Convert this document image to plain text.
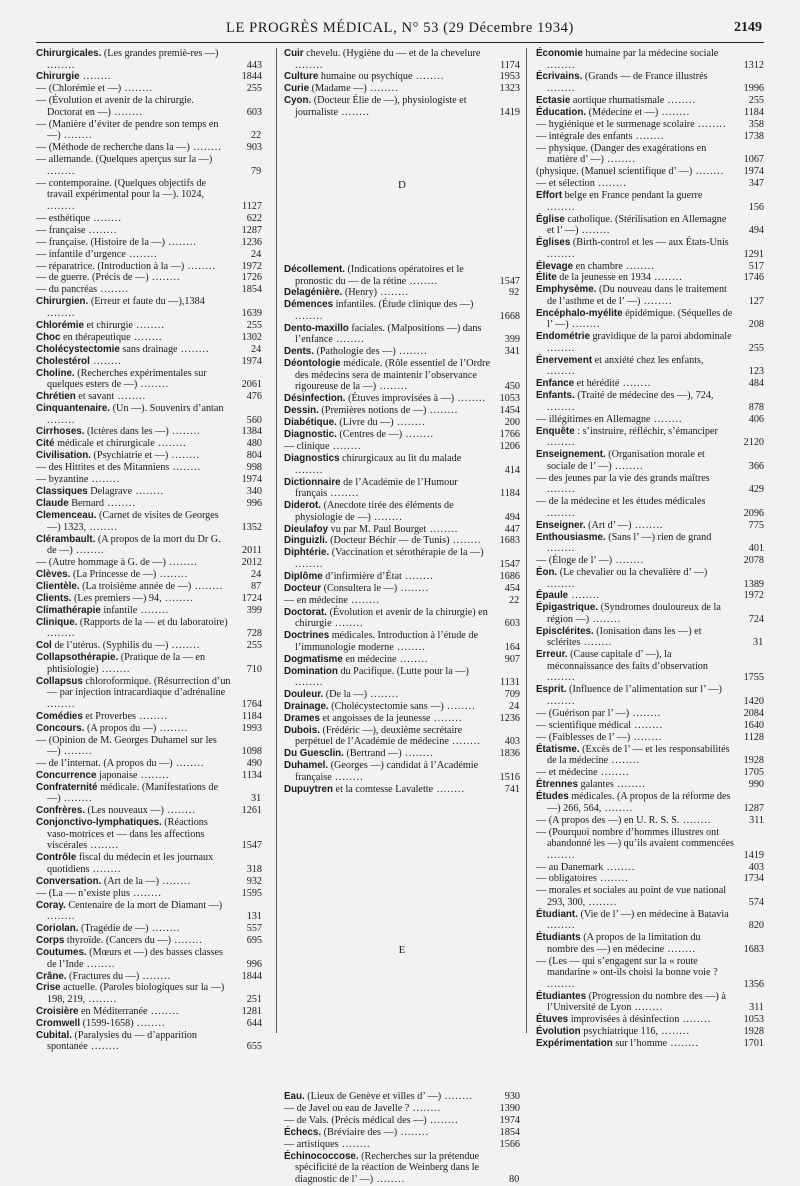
LE PROGRÈS MÉDICAL, N° 53 (29 Décembre 1934)	2149
Chirurgicales. (Les grandes premiè-res —) ........	443
Chirurgie ........	1844
— (Chlorémie et —) ........	255
— (Évolution et avenir de la chirurgie. Doctorat en —) ........	603
— (Manière d’éviter de pendre son temps en —) ........	22
— (Méthode de recherche dans la —) ........ 903
— allemande. (Quelques aperçus sur la —) ........	79
— contemporaine. (Quelques objectifs de travail expérimental pour la —). 1024, ........	1127
— esthétique ........	622
— française ........	1287
— française. (Histoire de la —) ........	1236
— infantile d’urgence ........	24
— réparatrice. (Introduction à la —) ........ 1972
— de guerre. (Précis de —) ........	1726
— du pancréas ........	1854
Chirurgien. (Erreur et faute du —),1384 ........	1639
Chlorémie et chirurgie ........	255
Choc en thérapeutique ........	1302
Cholécystectomie sans drainage ........	24
Cholestérol ........	1974
Choline. (Recherches expérimentales sur quelques esters de —) ........	2061
Chrétien et savant ........	476
Cinquantenaire. (Un —). Souvenirs d’antan ........	560
Cirrhoses. (Ictères dans les —) ........	1384
Cité médicale et chirurgicale ........	480
Civilisation. (Psychiatrie et —) ........	804
— des Hittites et des Mitanniens ........	998
— byzantine ........	1974
Classiques Delagrave ........	340
Claude Bernard ........	996
Clemenceau. (Carnet de visites de Georges —) 1323, ........	1352
Clérambault. (A propos de la mort du Dr G. de —) ........	2011
— (Autre hommage à G. de —) ........	2012
Clèves. (La Princesse de —) ........	24
Clientèle. (La troisième année de —) ........	87
Clients. (Les premiers —) 94, ........	1724
Climathérapie infantile ........	399
Clinique. (Rapports de la — et du laboratoire) ........	728
Col de l’utérus. (Syphilis du —) ........	255
Collapsothérapie. (Pratique de la — en phtisiologie) ........	710
Collapsus chloroformique. (Résurrection d’un — par injection intracardiaque d’adrénaline ........	1764
Comédies et Proverbes ........	1184
Concours. (A propos du —) ........	1993
— (Opinion de M. Georges Duhamel sur les —) ........	1098
— de l’internat. (A propos du —) ........	490
Concurrence japonaise ........	1134
Confraternité médicale. (Manifestations de —) ........	31
Confrères. (Les nouveaux —) ........	1261
Conjonctivo-lymphatiques. (Réactions vaso-motrices et — dans les affections viscérales ........	1547
Contrôle fiscal du médecin et les journaux quotidiens ........	318
Conversation. (Art de la —) ........	932
— (La — n’existe plus ........	1595
Coray. Centenaire de la mort de Diamant —) ........	131
Coriolan. (Tragédie de —) ........	557
Corps thyroïde. (Cancers du —) ........	695
Coutumes. (Mœurs et —) des basses classes de l’Inde ........	996
Crâne. (Fractures du —) ........	1844
Crise actuelle. (Paroles biologiques sur la —) 198, 219, ........	251
Croisière en Méditerranée ........	1281
Cromwell (1599-1658) ........	644
Cubital. (Paralysies du — d’apparition spontanée ........	655
Cuir chevelu. (Hygiène du — et de la chevelure ........	1174
Culture humaine ou psychique ........	1953
Curie (Madame —) ........	1323
Cyon. (Docteur Élie de —), physiologiste et journaliste ........	1419
D
Décollement. (Indications opératoires et le pronostic du — de la rétine ........	1547
Delagénière. (Henry) ........	92
Démences infantiles. (Étude clinique des —) ........	1668
Dento-maxillo faciales. (Malpositions —) dans l’enfance ........	399
Dents. (Pathologie des —) ........	341
Déontologie médicale. (Rôle essentiel de l’Ordre des médecins sera de maintenir l’observance rigoureuse de la —) ........	450
Désinfection. (Étuves improvisées à —) ........ 1053
Dessin. (Premières notions de —) ........	1454
Diabétique. (Livre du —) ........	200
Diagnostic. (Centres de —) ........	1766
— clinique ........	1206
Diagnostics chirurgicaux au lit du malade ........	414
Dictionnaire de l’Académie de l’Humour français ........	1184
Diderot. (Anecdote tirée des éléments de physiologie de —) ........	494
Dieulafoy vu par M. Paul Bourget ........	447
Dinguizli. (Docteur Béchir — de Tunis) ........ 1683
Diphtérie. (Vaccination et sérothérapie de la —) ........	1547
Diplôme d’infirmière d’État ........	1686
Docteur (Consultera le —) ........	454
— en médecine ........	22
Doctorat. (Évolution et avenir de la chirurgie) en chirurgie ........	603
Doctrines médicales. Introduction à l’étude de l’immunologie moderne ........	164
Dogmatisme en médecine ........	907
Domination du Pacifique. (Lutte pour la —) ........	1131
Douleur. (De la —) ........	709
Drainage. (Cholécystectomie sans —) ........	24
Drames et angoisses de la jeunesse ........	1236
Dubois. (Frédéric —), deuxième secrétaire perpétuel de l’Académie de médecine ........ 403
Du Guesclin. (Bertrand —) ........	1836
Duhamel. (Georges —) candidat à l’Académie française ........	1516
Dupuytren et la comtesse Lavalette ........	741
E
Eau. (Lieux de Genève et villes d’ —) ........	930
— de Javel ou eau de Javelle ? ........	1390
— de Vals. (Précis médical des —) ........	1974
Échecs. (Bréviaire des —) ........	1854
— artistiques ........	1566
Échinococcose. (Recherches sur la prétendue spécificité de la réaction de Weinberg dans le diagnostic de l’ —) ........	80
Économie humaine par la médecine sociale ........	1312
Écrivains. (Grands — de France illustrés ........	1996
Ectasie aortique rhumatismale ........	255
Éducation. (Médecine et —) ........	1184
— hygiénique et le surmenage scolaire ........ 358
— intégrale des enfants ........	1738
— physique. (Danger des exagérations en matière d’ —) ........	1067
(physique. (Manuel scientifique d’ —) ........ 1974
— et sélection ........	347
Effort belge en France pendant la guerre ........	156
Église catholique. (Stérilisation en Allemagne et l’ —) ........	494
Églises (Birth-control et les — aux États-Unis ........	1291
Élevage en chambre ........	517
Élite de la jeunesse en 1934 ........	1746
Emphysème. (Du nouveau dans le traitement de l’asthme et de l’ —) ........	127
Encéphalo-myélite épidémique. (Séquelles de l’ —) ........	208
Endométrie gravidique de la paroi abdominale ........	255
Énervement et anxiété chez les enfants, ........	123
Enfance et hérédité ........	484
Enfants. (Traité de médecine des —), 724, ........	878
— illégitimes en Allemagne ........	406
Enquête : s’instruire, réfléchir, s’émanciper ........	2120
Enseignement. (Organisation morale et sociale de l’ —) ........	366
— des jeunes par la vie des grands maîtres ........	429
— de la médecine et les études médicales ........	2096
Enseigner. (Art d’ —) ........	775
Enthousiasme. (Sans l’ —) rien de grand ........	401
— (Éloge de l’ —) ........	2078
Éon. (Le chevalier ou la chevalière d’ —) ........	1389
Épaule ........	1972
Épigastrique. (Syndromes douloureux de la région —) ........	724
Episclérites. (Ionisation dans les —) et sclérites ........	31
Erreur. (Cause capitale d’ —), la méconnaissance des faits d’observation ........	1755
Esprit. (Influence de l’alimentation sur l’ —) ........	1420
— (Guérison par l’ —) ........	2084
— scientifique médical ........	1640
— (Faiblesses de l’ —) ........	1128
Étatisme. (Excès de l’ — et les responsabilités de la médecine ........	1928
— et médecine ........	1705
Étrennes galantes ........	990
Études médicales. (A propos de la réforme des —) 266, 564, ........	1287
— (A propos des —) en U. R. S. S. ........	311
— (Pourquoi nombre d’hommes illustres ont abandonné les —) qu’ils avaient commencées ........	1419
— au Danemark ........	403
— obligatoires ........	1734
— morales et sociales au point de vue national 293, 300, ........	574
Étudiant. (Vie de l’ —) en médecine à Batavia ........	820
Étudiants (A propos de la limitation du nombre des —) en médecine ........	1683
— (Les — qui s’engagent sur la « route mandarine » ont-ils choisi la bonne voie ? ........	1356
Étudiantes (Progression du nombre des —) à l’Université de Lyon ........	311
Étuves improvisées à désinfection ........	1053
Évolution psychiatrique 116, ........	1928
Expérimentation sur l’homme ........	1701
